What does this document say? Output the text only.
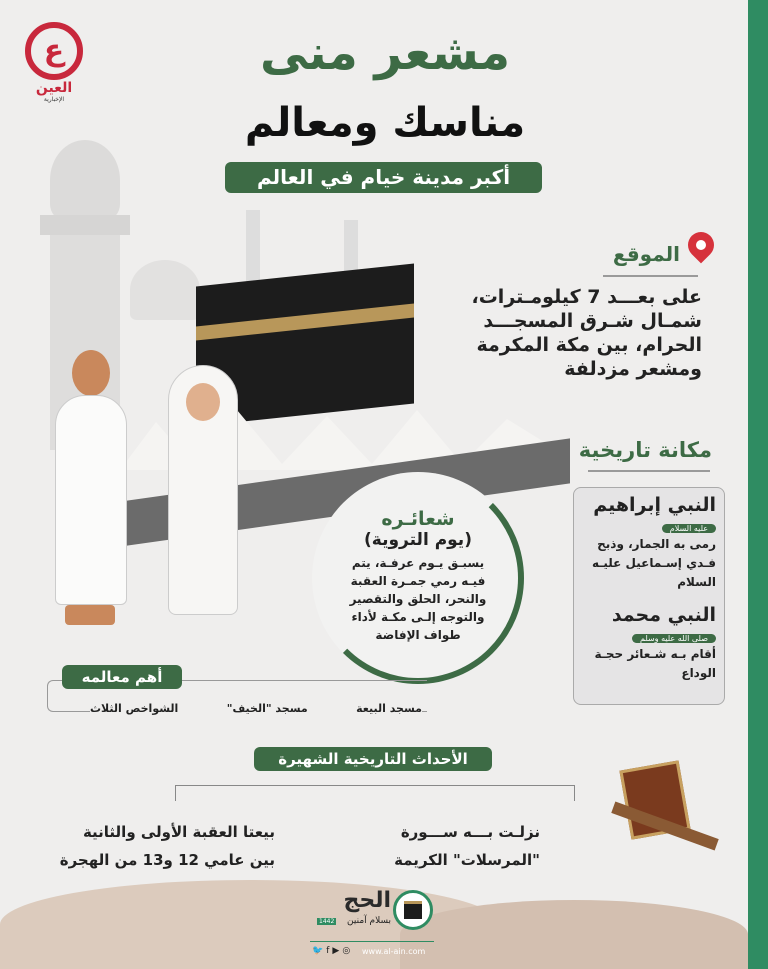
ع
العين
الإخبارية
مشعر منى
مناسك ومعالم
أكبر مدينة خيام في العالم
الموقع
على بعـــد 7 كيلومـترات،
شمـال شـرق المسجـــد
الحرام، بين مكة المكرمة
ومشعر مزدلفة
مكانة تاريخية
النبي إبراهيم
عليه السلام
رمى به الجمار، وذبح
فـدي إسـماعيل عليـه
السلام
النبي محمد
صلى الله عليه وسلم
أقام بـه شـعائر حجـة
الوداع
شعائـره
(يوم التروية)
يسبـق يـوم عرفـة، يتم
فيـه رمي جمـرة العقبة
والنحر، الحلق والتقصير
والتوجه إلـى مكـة لأداء
طواف الإفاضة
أهم معالمه
مسجد البيعة
مسجد "الخيف"
الشواخص الثلاث
الأحداث التاريخية الشهيرة
نزلـت بـــه ســـورة
"المرسلات" الكريمة
بيعتا العقبة الأولى والثانية
بين عامي 12 و13 من الهجرة
الحج
بسلام آمنين
1442
🐦 f ▶ ◎ www.al-ain.com
